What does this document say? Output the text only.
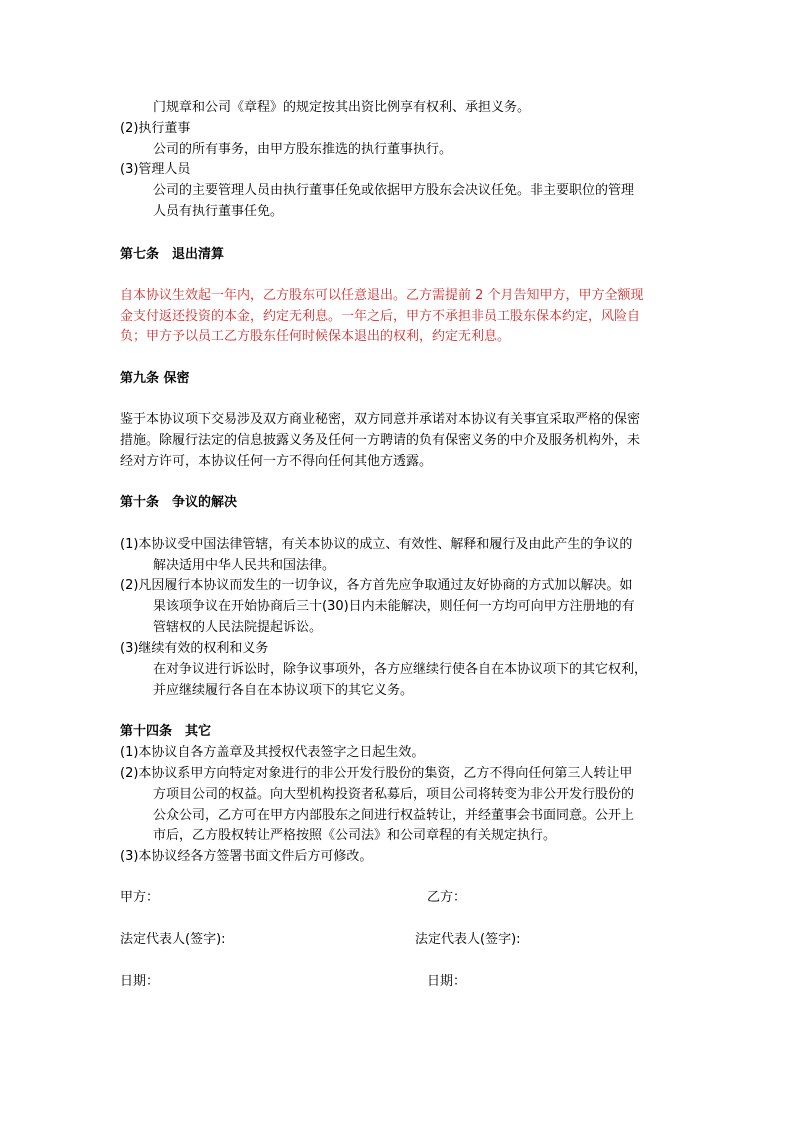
门规章和公司《章程》的规定按其出资比例享有权利、承担义务。

(2)执行董事

公司的所有事务，由甲方股东推选的执行董事执行。

(3)管理人员

公司的主要管理人员由执行董事任免或依据甲方股东会决议任免。非主要职位的管理

人员有执行董事任免。

第七条　退出清算

自本协议生效起一年内，乙方股东可以任意退出。乙方需提前 2 个月告知甲方，甲方全额现

金支付返还投资的本金，约定无利息。一年之后，甲方不承担非员工股东保本约定，风险自

负；甲方予以员工乙方股东任何时候保本退出的权利，约定无利息。

第九条 保密

鉴于本协议项下交易涉及双方商业秘密，双方同意并承诺对本协议有关事宜采取严格的保密

措施。除履行法定的信息披露义务及任何一方聘请的负有保密义务的中介及服务机构外，未

经对方许可，本协议任何一方不得向任何其他方透露。

第十条　争议的解决

(1)本协议受中国法律管辖，有关本协议的成立、有效性、解释和履行及由此产生的争议的

解决适用中华人民共和国法律。

(2)凡因履行本协议而发生的一切争议，各方首先应争取通过友好协商的方式加以解决。如

果该项争议在开始协商后三十(30)日内未能解决，则任何一方均可向甲方注册地的有

管辖权的人民法院提起诉讼。

(3)继续有效的权利和义务

在对争议进行诉讼时，除争议事项外，各方应继续行使各自在本协议项下的其它权利，

并应继续履行各自在本协议项下的其它义务。

第十四条　其它

(1)本协议自各方盖章及其授权代表签字之日起生效。

(2)本协议系甲方向特定对象进行的非公开发行股份的集资，乙方不得向任何第三人转让甲

方项目公司的权益。向大型机构投资者私募后，项目公司将转变为非公开发行股份的

公众公司，乙方可在甲方内部股东之间进行权益转让，并经董事会书面同意。公开上

市后，乙方股权转让严格按照《公司法》和公司章程的有关规定执行。

(3)本协议经各方签署书面文件后方可修改。

甲方：	乙方：
法定代表人(签字):	法定代表人(签字):
日期：	日期：
